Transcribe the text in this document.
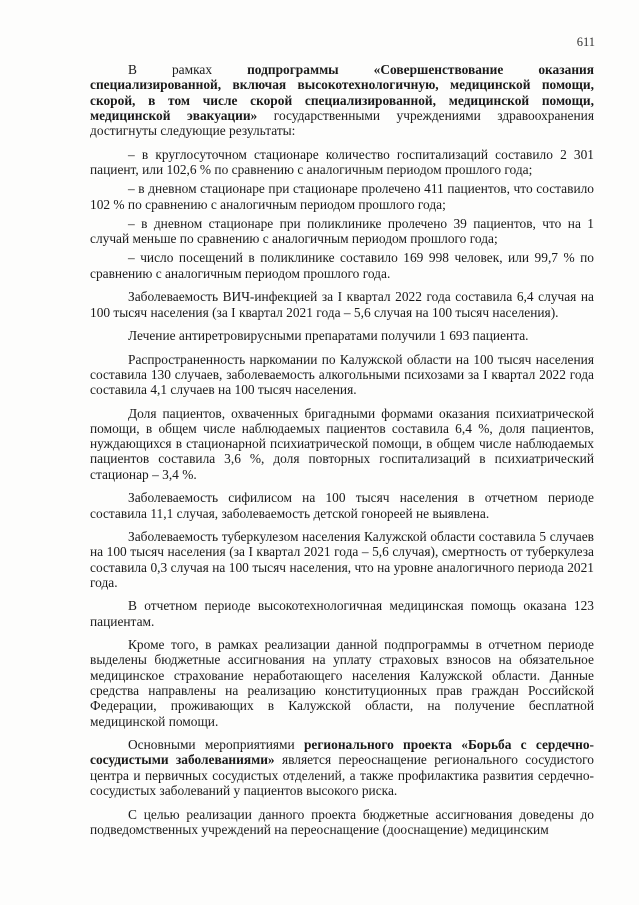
611

В рамках подпрограммы «Совершенствование оказания специализированной, включая высокотехнологичную, медицинской помощи, скорой, в том числе скорой специализированной, медицинской помощи, медицинской эвакуации» государственными учреждениями здравоохранения достигнуты следующие результаты:

– в круглосуточном стационаре количество госпитализаций составило 2 301 пациент, или 102,6 % по сравнению с аналогичным периодом прошлого года;

– в дневном стационаре при стационаре пролечено 411 пациентов, что составило 102 % по сравнению с аналогичным периодом прошлого года;

– в дневном стационаре при поликлинике пролечено 39 пациентов, что на 1 случай меньше по сравнению с аналогичным периодом прошлого года;

– число посещений в поликлинике составило 169 998 человек, или 99,7 % по сравнению с аналогичным периодом прошлого года.

Заболеваемость ВИЧ-инфекцией за I квартал 2022 года составила 6,4 случая на 100 тысяч населения (за I квартал 2021 года – 5,6 случая на 100 тысяч населения).

Лечение антиретровирусными препаратами получили 1 693 пациента.

Распространенность наркомании по Калужской области на 100 тысяч населения составила 130 случаев, заболеваемость алкогольными психозами за I квартал 2022 года составила 4,1 случаев на 100 тысяч населения.

Доля пациентов, охваченных бригадными формами оказания психиатрической помощи, в общем числе наблюдаемых пациентов составила 6,4 %, доля пациентов, нуждающихся в стационарной психиатрической помощи, в общем числе наблюдаемых пациентов составила 3,6 %, доля повторных госпитализаций в психиатрический стационар – 3,4 %.

Заболеваемость сифилисом на 100 тысяч населения в отчетном периоде составила 11,1 случая, заболеваемость детской гонореей не выявлена.

Заболеваемость туберкулезом населения Калужской области составила 5 случаев на 100 тысяч населения (за I квартал 2021 года – 5,6 случая), смертность от туберкулеза составила 0,3 случая на 100 тысяч населения, что на уровне аналогичного периода 2021 года.

В отчетном периоде высокотехнологичная медицинская помощь оказана 123 пациентам.

Кроме того, в рамках реализации данной подпрограммы в отчетном периоде выделены бюджетные ассигнования на уплату страховых взносов на обязательное медицинское страхование неработающего населения Калужской области. Данные средства направлены на реализацию конституционных прав граждан Российской Федерации, проживающих в Калужской области, на получение бесплатной медицинской помощи.

Основными мероприятиями регионального проекта «Борьба с сердечно-сосудистыми заболеваниями» является переоснащение регионального сосудистого центра и первичных сосудистых отделений, а также профилактика развития сердечно-сосудистых заболеваний у пациентов высокого риска.

С целью реализации данного проекта бюджетные ассигнования доведены до подведомственных учреждений на переоснащение (дооснащение) медицинским
